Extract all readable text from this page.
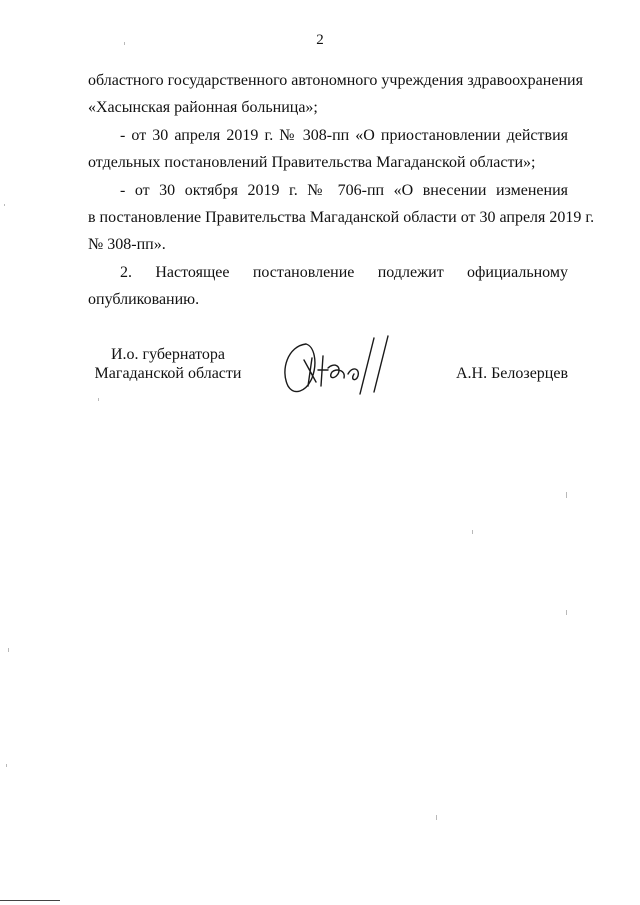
2
областного государственного автономного учреждения здравоохранения
«Хасынская районная больница»;
- от 30 апреля 2019 г. № 308-пп «О приостановлении действия
отдельных постановлений Правительства Магаданской области»;
- от 30 октября 2019 г. № 706-пп «О внесении изменения
в постановление Правительства Магаданской области от 30 апреля 2019 г.
№ 308-пп».
2. Настоящее постановление подлежит официальному
опубликованию.
И.о. губернатора
Магаданской области	А.Н. Белозерцев
